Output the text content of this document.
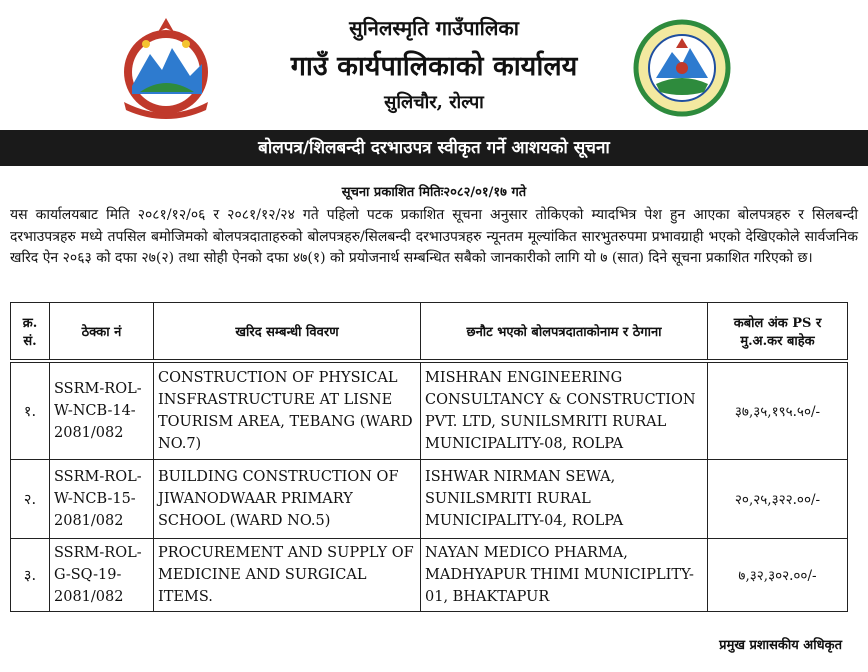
सुनिलस्मृति गाउँपालिका
गाउँ कार्यपालिकाको कार्यालय
सुलिचौर, रोल्पा
बोलपत्र/शिलबन्दी दरभाउपत्र स्वीकृत गर्ने आशयको सूचना
सूचना प्रकाशित मितिः२०८२/०१/१७ गते
यस कार्यालयबाट मिति २०८१/१२/०६ र २०८१/१२/२४ गते पहिलो पटक प्रकाशित सूचना अनुसार तोकिएको म्यादभित्र पेश हुन आएका बोलपत्रहरु र सिलबन्दी दरभाउपत्रहरु मध्ये तपसिल बमोजिमको बोलपत्रदाताहरुको बोलपत्रहरु/सिलबन्दी दरभाउपत्रहरु न्यूनतम मूल्यांकित सारभुतरुपमा प्रभावग्राही भएको देखिएकोले सार्वजनिक खरिद ऐन २०६३ को दफा २७(२) तथा सोही ऐनको दफा ४७(१) को प्रयोजनार्थ सम्बन्धित सबैको जानकारीको लागि यो ७ (सात) दिने सूचना प्रकाशित गरिएको छ।
क्र. सं.	ठेक्का नं	खरिद सम्बन्धी विवरण	छनौट भएको बोलपत्रदाताकोनाम र ठेगाना	कबोल अंक PS र मु.अ.कर बाहेक
१.	SSRM-ROL-W-NCB-14-2081/082	CONSTRUCTION OF PHYSICAL INSFRASTRUCTURE AT LISNE TOURISM AREA, TEBANG (WARD NO.7)	MISHRAN ENGINEERING CONSULTANCY & CONSTRUCTION PVT. LTD, SUNILSMRITI RURAL MUNICIPALITY-08, ROLPA	३७,३५,१९५.५०/-
२.	SSRM-ROL-W-NCB-15-2081/082	BUILDING CONSTRUCTION OF JIWANODWAAR PRIMARY SCHOOL (WARD NO.5)	ISHWAR NIRMAN SEWA, SUNILSMRITI RURAL MUNICIPALITY-04, ROLPA	२०,२५,३२२.००/-
३.	SSRM-ROL-G-SQ-19-2081/082	PROCUREMENT AND SUPPLY OF MEDICINE AND SURGICAL ITEMS.	NAYAN MEDICO PHARMA, MADHYAPUR THIMI MUNICIPLITY-01, BHAKTAPUR	७,३२,३०२.००/-
प्रमुख प्रशासकीय अधिकृत
